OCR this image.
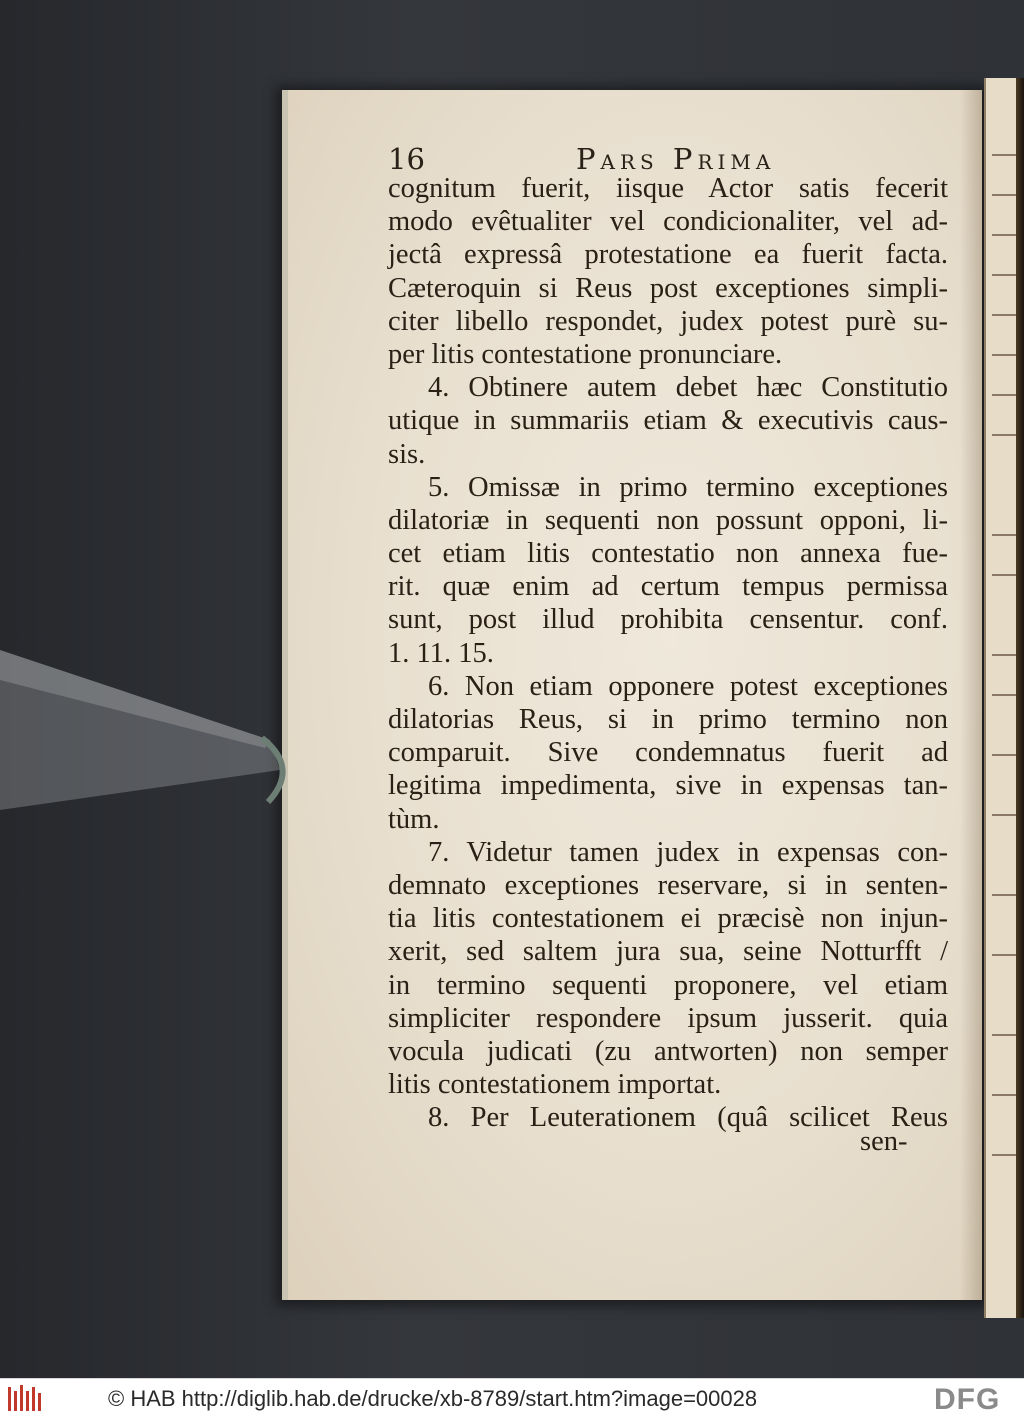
16	Pars Prima
cognitum fuerit, iisque Actor satis fecerit
modo evêtualiter vel condicionaliter, vel ad-
jectâ expressâ protestatione ea fuerit facta.
Cæteroquin si Reus post exceptiones simpli-
citer libello respondet, judex potest purè su-
per litis contestatione pronunciare.
4. Obtinere autem debet hæc Constitutio
utique in summariis etiam & executivis caus-
sis.
5. Omissæ in primo termino exceptiones
dilatoriæ in sequenti non possunt opponi, li-
cet etiam litis contestatio non annexa fue-
rit. quæ enim ad certum tempus permissa
sunt, post illud prohibita censentur. conf.
1. 11. 15.
6. Non etiam opponere potest exceptiones
dilatorias Reus, si in primo termino non
comparuit. Sive condemnatus fuerit ad
legitima impedimenta, sive in expensas tan-
tùm.
7. Videtur tamen judex in expensas con-
demnato exceptiones reservare, si in senten-
tia litis contestationem ei præcisè non injun-
xerit, sed saltem jura sua, seine Notturfft /
in termino sequenti proponere, vel etiam
simpliciter respondere ipsum jusserit. quia
vocula judicati (zu antworten) non semper
litis contestationem importat.
8. Per Leuterationem (quâ scilicet Reus
sen-
© HAB http://diglib.hab.de/drucke/xb-8789/start.htm?image=00028	DFG
